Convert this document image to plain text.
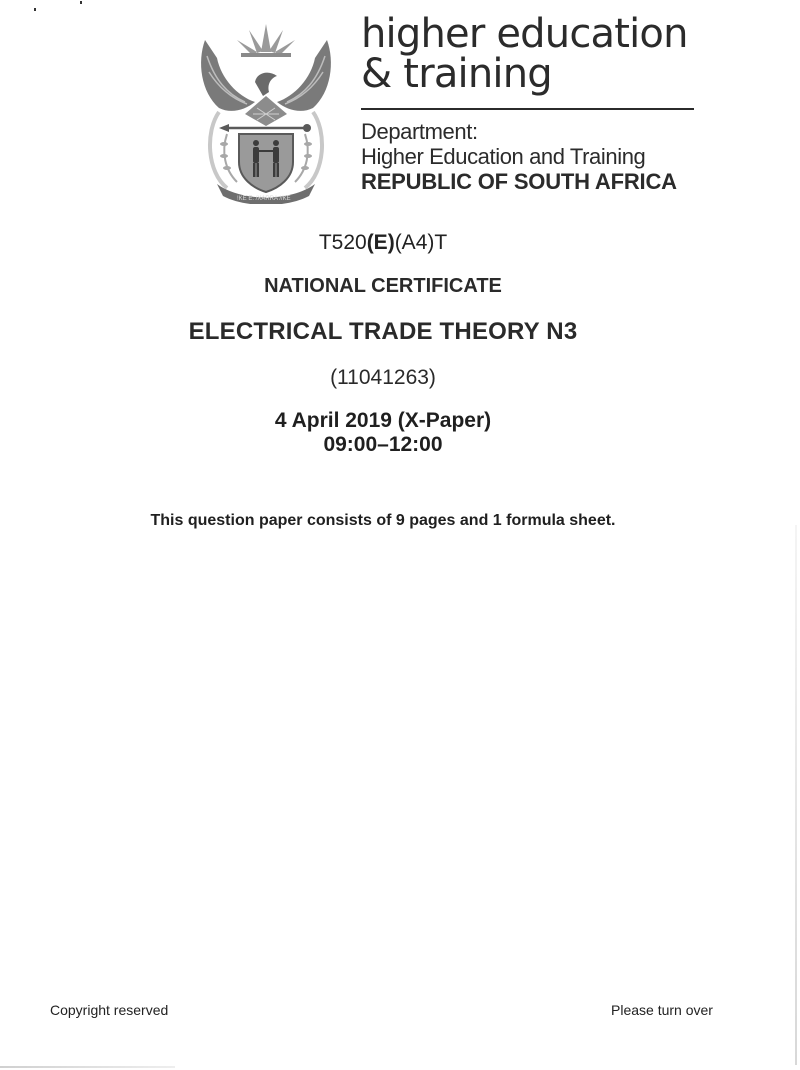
!KE E: /XARRA //KE
higher education
& training
Department:
Higher Education and Training
REPUBLIC OF SOUTH AFRICA
T520(E)(A4)T
NATIONAL CERTIFICATE
ELECTRICAL TRADE THEORY N3
(11041263)
4 April 2019 (X-Paper)
09:00–12:00
This question paper consists of 9 pages and 1 formula sheet.
Copyright reserved	Please turn over
